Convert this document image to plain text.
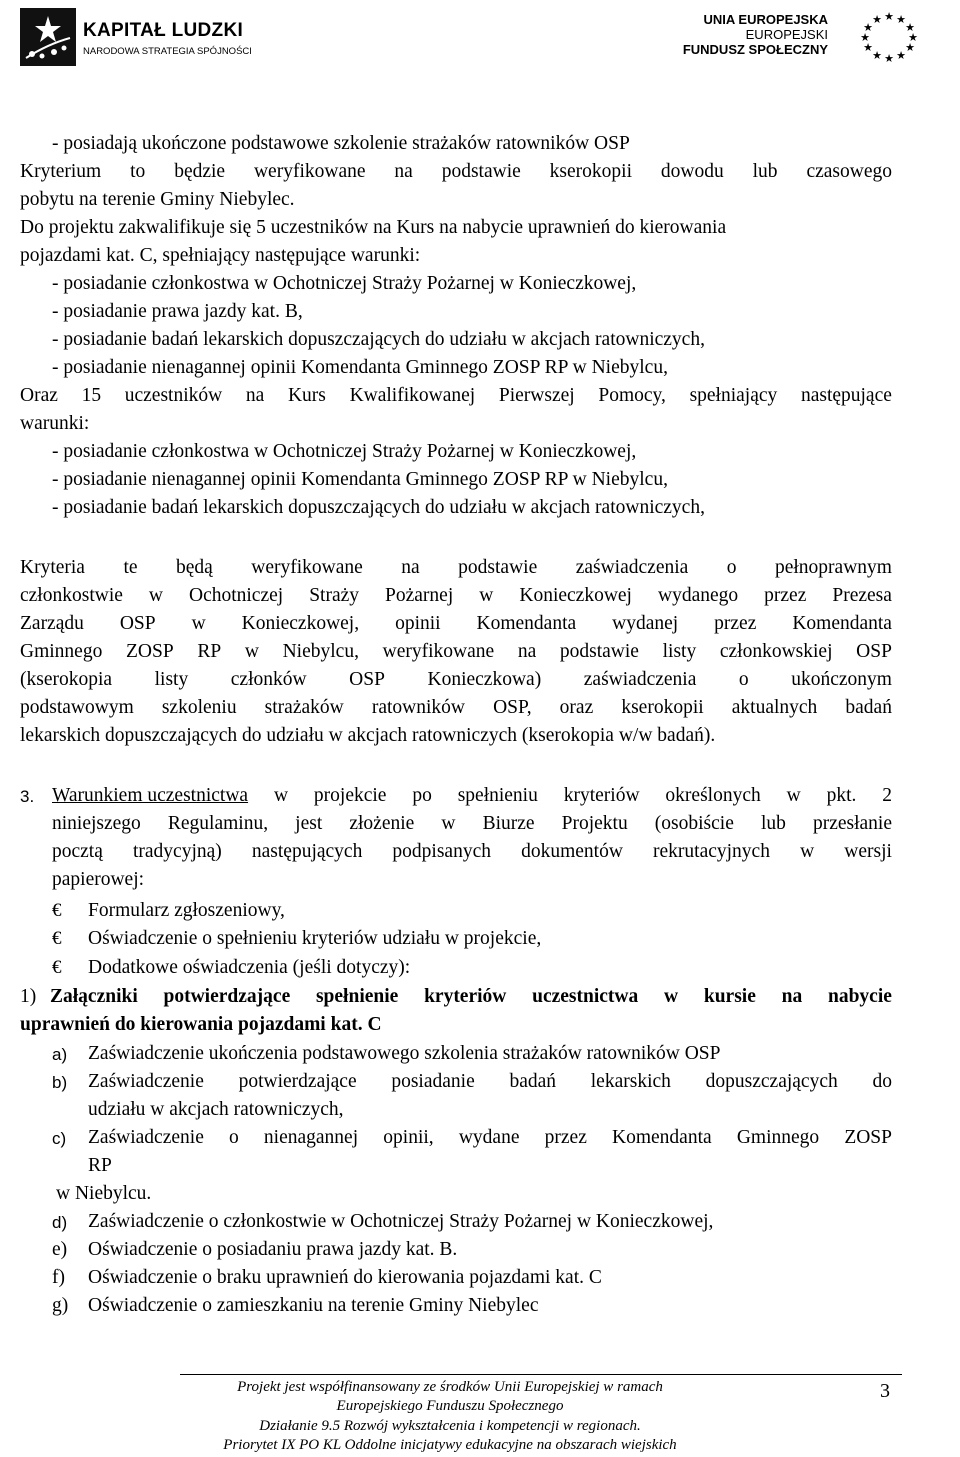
KAPITAŁ LUDZKI
NARODOWA STRATEGIA SPÓJNOŚCI
UNIA EUROPEJSKA
EUROPEJSKI
FUNDUSZ SPOŁECZNY
★ ★
★
★
★
★
★
★
★
★
★
★
- posiadają ukończone podstawowe szkolenie strażaków ratowników OSP
Kryterium to będzie weryfikowane na podstawie kserokopii dowodu lub czasowego
pobytu na terenie Gminy Niebylec.
Do projektu zakwalifikuje się 5 uczestników na Kurs na nabycie uprawnień do kierowania
pojazdami kat. C, spełniający następujące warunki:
- posiadanie członkostwa w Ochotniczej Straży Pożarnej w Konieczkowej,
- posiadanie prawa jazdy kat. B,
- posiadanie badań lekarskich dopuszczających do udziału w akcjach ratowniczych,
- posiadanie nienagannej opinii Komendanta Gminnego ZOSP RP w Niebylcu,
Oraz 15 uczestników na Kurs Kwalifikowanej Pierwszej Pomocy, spełniający następujące
warunki:
- posiadanie członkostwa w Ochotniczej Straży Pożarnej w Konieczkowej,
- posiadanie nienagannej opinii Komendanta Gminnego ZOSP RP w Niebylcu,
- posiadanie badań lekarskich dopuszczających do udziału w akcjach ratowniczych,
Kryteria te będą weryfikowane na podstawie zaświadczenia o pełnoprawnym
członkostwie w Ochotniczej Straży Pożarnej w Konieczkowej wydanego przez Prezesa
Zarządu OSP w Konieczkowej, opinii Komendanta wydanej przez Komendanta
Gminnego ZOSP RP w Niebylcu, weryfikowane na podstawie listy członkowskiej OSP
(kserokopia listy członków OSP Konieczkowa) zaświadczenia o ukończonym
podstawowym szkoleniu strażaków ratowników OSP, oraz kserokopii aktualnych badań
lekarskich dopuszczających do udziału w akcjach ratowniczych (kserokopia w/w badań).
3. Warunkiem uczestnictwa w projekcie po spełnieniu kryteriów określonych w pkt. 2
niniejszego Regulaminu, jest złożenie w Biurze Projektu (osobiście lub przesłanie
pocztą tradycyjną) następujących podpisanych dokumentów rekrutacyjnych w wersji
papierowej:
€ Formularz zgłoszeniowy,
€ Oświadczenie o spełnieniu kryteriów udziału w projekcie,
€ Dodatkowe oświadczenia (jeśli dotyczy):
1) Załączniki potwierdzające spełnienie kryteriów uczestnictwa w kursie na nabycie
uprawnień do kierowania pojazdami kat. C
a) Zaświadczenie ukończenia podstawowego szkolenia strażaków ratowników OSP
b) Zaświadczenie potwierdzające posiadanie badań lekarskich dopuszczających do
udziału w akcjach ratowniczych,
c) Zaświadczenie o nienagannej opinii, wydane przez Komendanta Gminnego ZOSP
RP
w Niebylcu.
d) Zaświadczenie o członkostwie w Ochotniczej Straży Pożarnej w Konieczkowej,
e) Oświadczenie o posiadaniu prawa jazdy kat. B.
f) Oświadczenie o braku uprawnień do kierowania pojazdami kat. C
g) Oświadczenie o zamieszkaniu na terenie Gminy Niebylec
Projekt jest współfinansowany ze środków Unii Europejskiej w ramach
Europejskiego Funduszu Społecznego
Działanie 9.5 Rozwój wykształcenia i kompetencji w regionach.
Priorytet IX PO KL Oddolne inicjatywy edukacyjne na obszarach wiejskich
3
